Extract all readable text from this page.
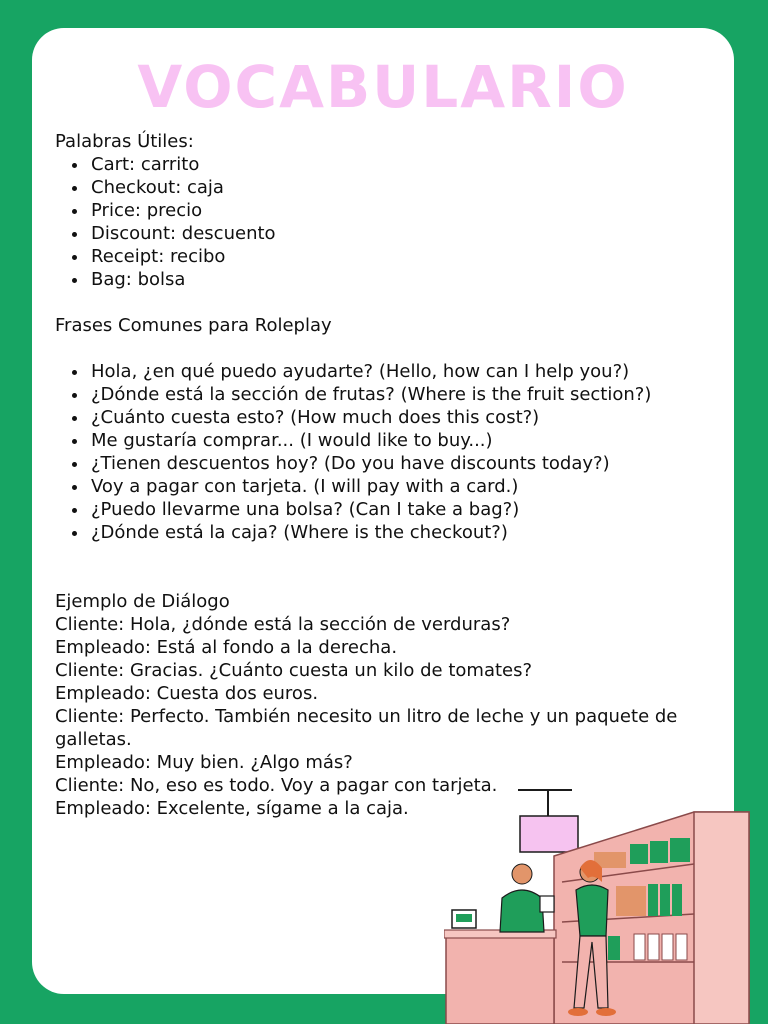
VOCABULARIO

Palabras Útiles:

• Cart: carrito
• Checkout: caja
• Price: precio
• Discount: descuento
• Receipt: recibo
• Bag: bolsa

Frases Comunes para Roleplay

• Hola, ¿en qué puedo ayudarte? (Hello, how can I help you?)
• ¿Dónde está la sección de frutas? (Where is the fruit section?)
• ¿Cuánto cuesta esto? (How much does this cost?)
• Me gustaría comprar... (I would like to buy...)
• ¿Tienen descuentos hoy? (Do you have discounts today?)
• Voy a pagar con tarjeta. (I will pay with a card.)
• ¿Puedo llevarme una bolsa? (Can I take a bag?)
• ¿Dónde está la caja? (Where is the checkout?)

Ejemplo de Diálogo

Cliente: Hola, ¿dónde está la sección de verduras?

Empleado: Está al fondo a la derecha.

Cliente: Gracias. ¿Cuánto cuesta un kilo de tomates?

Empleado: Cuesta dos euros.

Cliente: Perfecto. También necesito un litro de leche y un paquete de galletas.

Empleado: Muy bien. ¿Algo más?

Cliente: No, eso es todo. Voy a pagar con tarjeta.

Empleado: Excelente, sígame a la caja.
